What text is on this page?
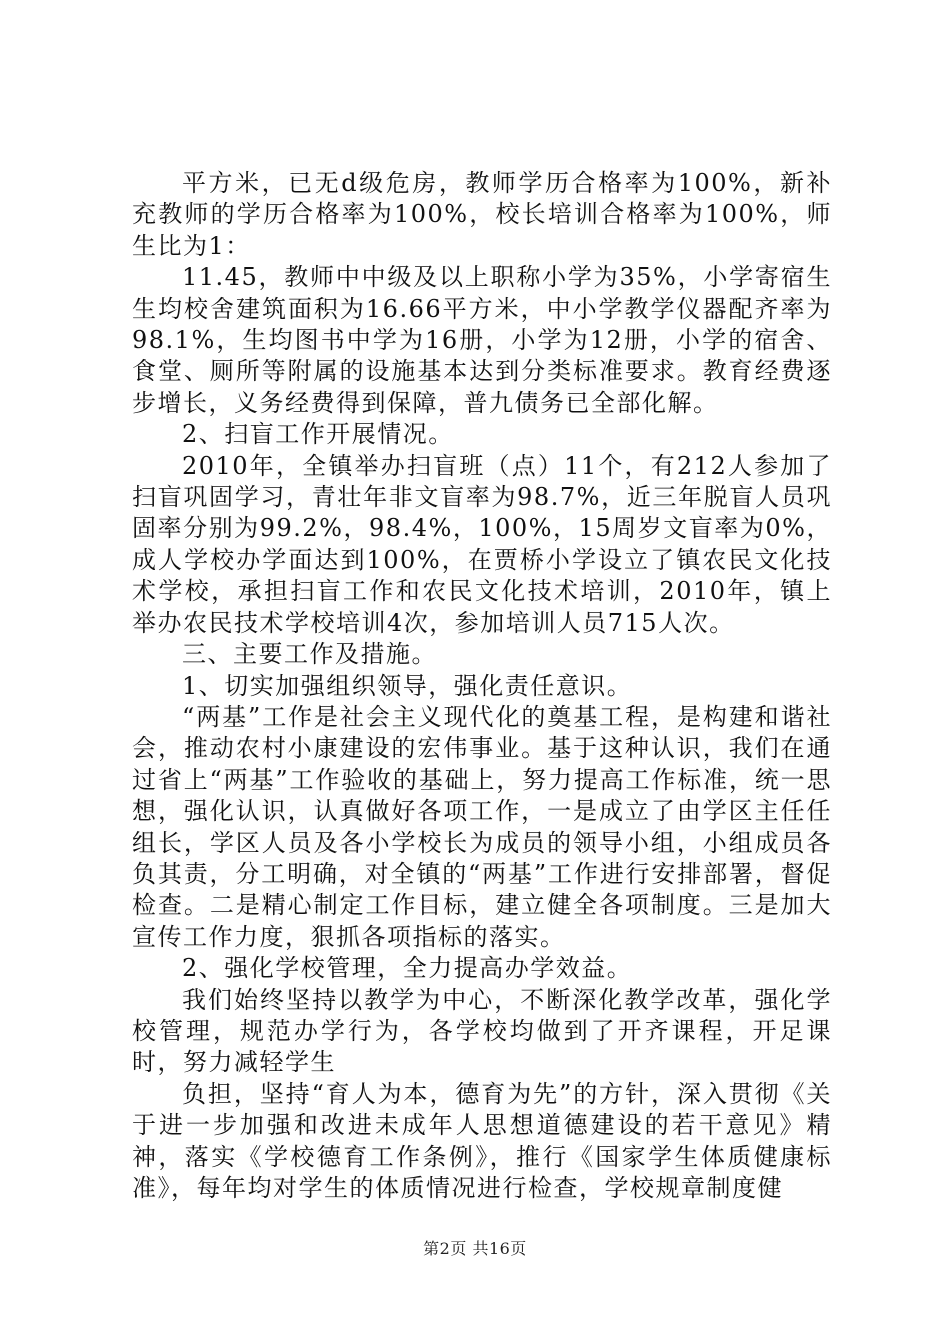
平方米，已无d级危房，教师学历合格率为100%，新补充教师的学历合格率为100%，校长培训合格率为100%，师生比为1：

11.45，教师中中级及以上职称小学为35%，小学寄宿生生均校舍建筑面积为16.66平方米，中小学教学仪器配齐率为98.1%，生均图书中学为16册，小学为12册，小学的宿舍、食堂、厕所等附属的设施基本达到分类标准要求。教育经费逐步增长，义务经费得到保障，普九债务已全部化解。

2、扫盲工作开展情况。

2010年，全镇举办扫盲班（点）11个，有212人参加了扫盲巩固学习，青壮年非文盲率为98.7%，近三年脱盲人员巩固率分别为99.2%，98.4%，100%，15周岁文盲率为0%，成人学校办学面达到100%，在贾桥小学设立了镇农民文化技术学校，承担扫盲工作和农民文化技术培训，2010年，镇上举办农民技术学校培训4次，参加培训人员715人次。

三、主要工作及措施。

1、切实加强组织领导，强化责任意识。

“两基”工作是社会主义现代化的奠基工程，是构建和谐社会，推动农村小康建设的宏伟事业。基于这种认识，我们在通过省上“两基”工作验收的基础上，努力提高工作标准，统一思想，强化认识，认真做好各项工作，一是成立了由学区主任任组长，学区人员及各小学校长为成员的领导小组，小组成员各负其责，分工明确，对全镇的“两基”工作进行安排部署，督促检查。二是精心制定工作目标，建立健全各项制度。三是加大宣传工作力度，狠抓各项指标的落实。

2、强化学校管理，全力提高办学效益。

我们始终坚持以教学为中心，不断深化教学改革，强化学校管理，规范办学行为，各学校均做到了开齐课程，开足课时，努力减轻学生

负担，坚持“育人为本，德育为先”的方针，深入贯彻《关于进一步加强和改进未成年人思想道德建设的若干意见》精神，落实《学校德育工作条例》，推行《国家学生体质健康标准》，每年均对学生的体质情况进行检查，学校规章制度健

第2页 共16页
